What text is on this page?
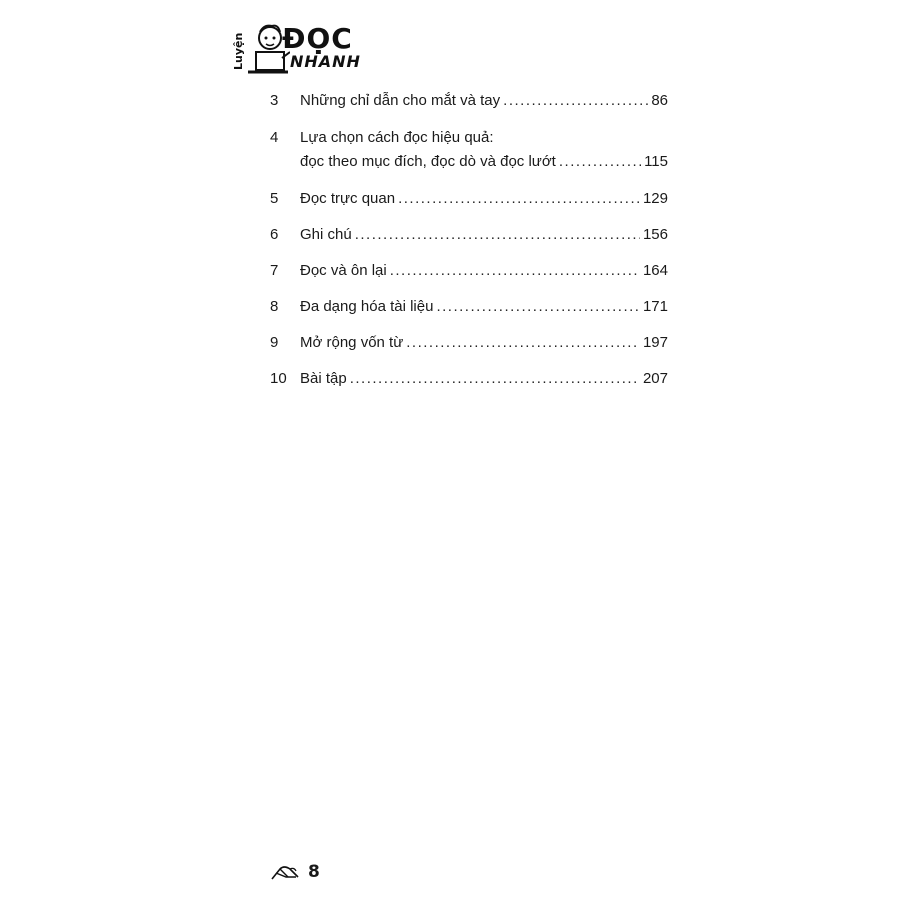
Luyện ĐỌC
NHANH
3	Những chỉ dẫn cho mắt và tay .....	86
4	Lựa chọn cách đọc hiệu quả:
đọc theo mục đích, đọc dò và đọc lướt .....	115
5	Đọc trực quan .....	129
6	Ghi chú .....	156
7	Đọc và ôn lại .....	164
8	Đa dạng hóa tài liệu .....	171
9	Mở rộng vốn từ .....	197
10 Bài tập .....	207
8
